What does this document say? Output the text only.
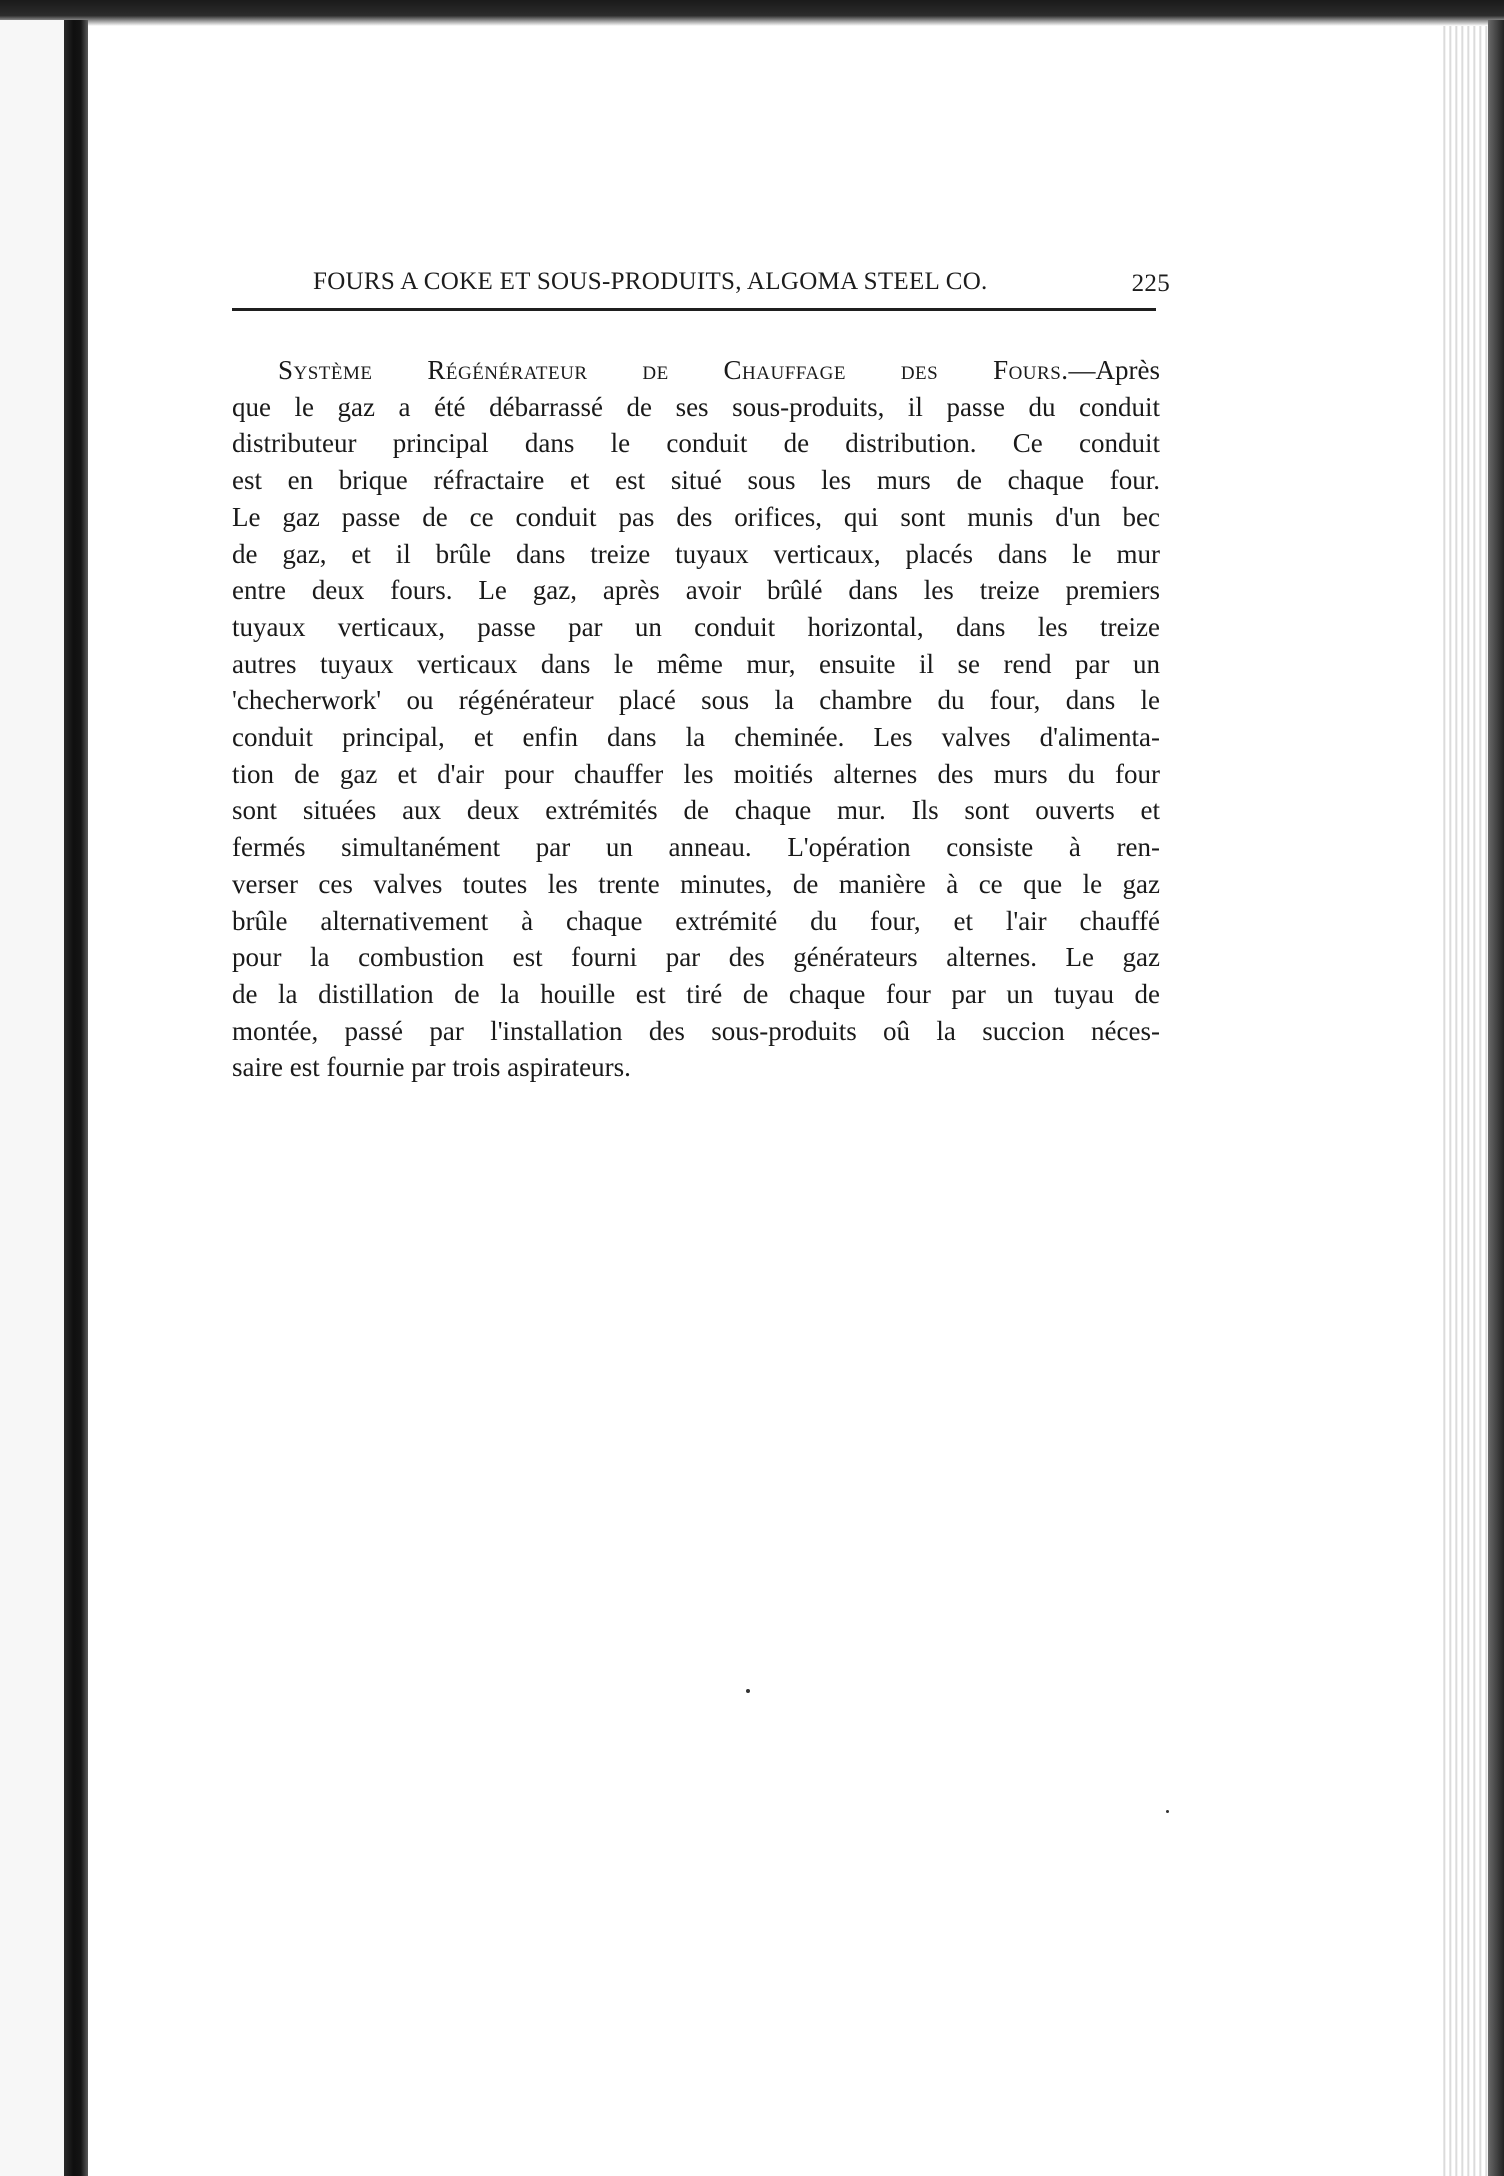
FOURS A COKE ET SOUS-PRODUITS, ALGOMA STEEL CO.	225
Système Régénérateur de Chauffage des Fours.—Après
que le gaz a été débarrassé de ses sous-produits, il passe du conduit
distributeur principal dans le conduit de distribution. Ce conduit
est en brique réfractaire et est situé sous les murs de chaque four.
Le gaz passe de ce conduit pas des orifices, qui sont munis d'un bec
de gaz, et il brûle dans treize tuyaux verticaux, placés dans le mur
entre deux fours. Le gaz, après avoir brûlé dans les treize premiers
tuyaux verticaux, passe par un conduit horizontal, dans les treize
autres tuyaux verticaux dans le même mur, ensuite il se rend par un
'checherwork' ou régénérateur placé sous la chambre du four, dans le
conduit principal, et enfin dans la cheminée. Les valves d'alimenta-
tion de gaz et d'air pour chauffer les moitiés alternes des murs du four
sont situées aux deux extrémités de chaque mur. Ils sont ouverts et
fermés simultanément par un anneau. L'opération consiste à ren-
verser ces valves toutes les trente minutes, de manière à ce que le gaz
brûle alternativement à chaque extrémité du four, et l'air chauffé
pour la combustion est fourni par des générateurs alternes. Le gaz
de la distillation de la houille est tiré de chaque four par un tuyau de
montée, passé par l'installation des sous-produits oû la succion néces-
saire est fournie par trois aspirateurs.
